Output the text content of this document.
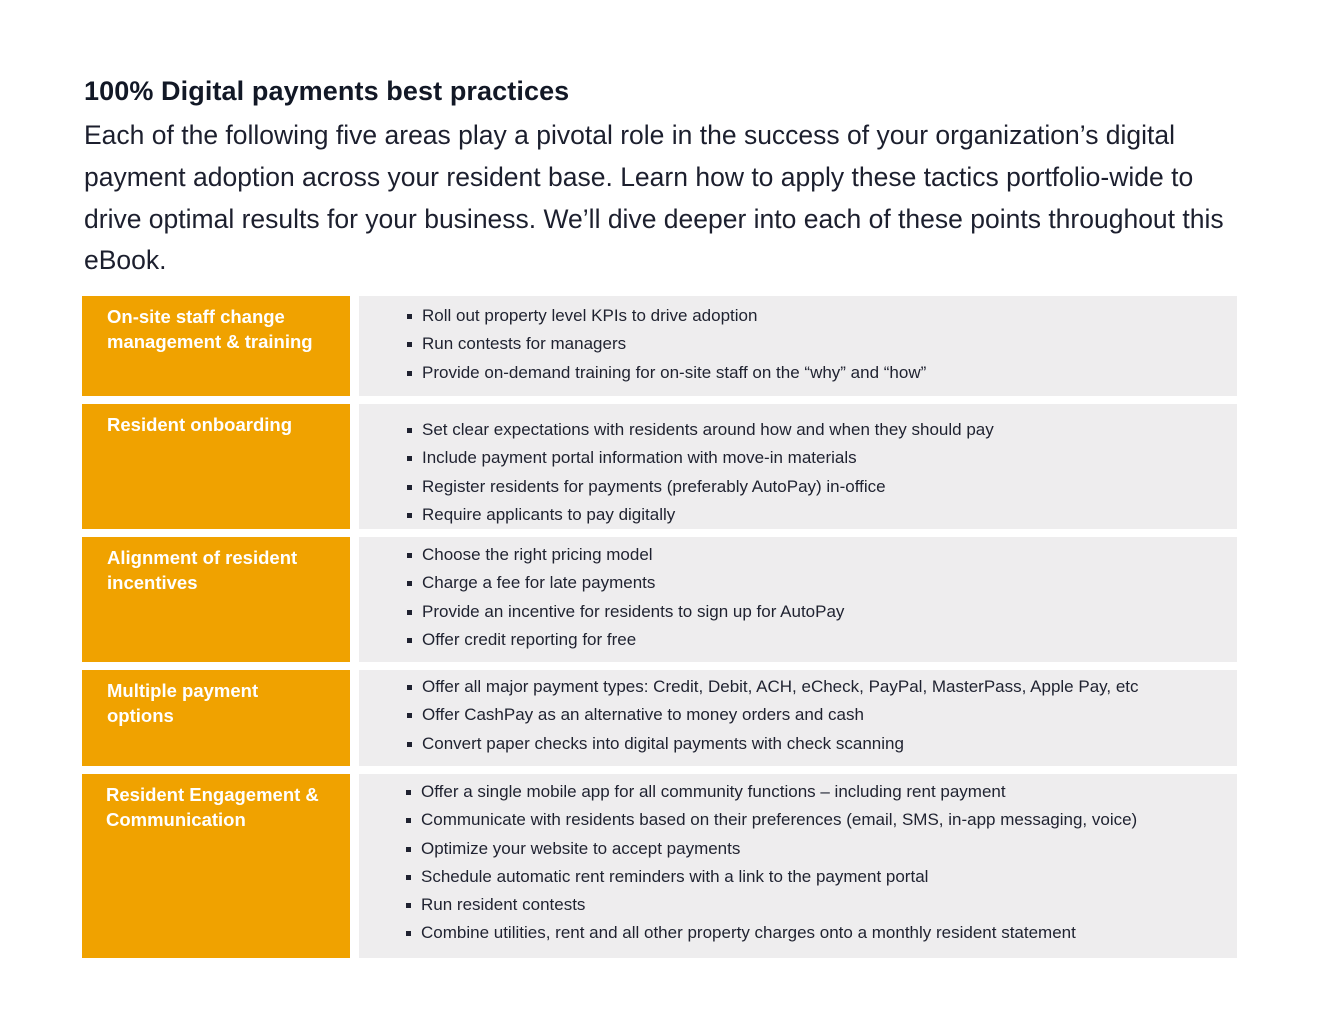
100% Digital payments best practices
Each of the following five areas play a pivotal role in the success of your organization’s digital payment adoption across your resident base. Learn how to apply these tactics portfolio-wide to drive optimal results for your business. We’ll dive deeper into each of these points throughout this eBook.
On-site staff change management & training
Roll out property level KPIs to drive adoption
Run contests for managers
Provide on-demand training for on-site staff on the “why” and “how”
Resident onboarding	Set clear expectations with residents around how and when they should pay
Include payment portal information with move-in materials
Register residents for payments (preferably AutoPay) in-office
Require applicants to pay digitally
Alignment of resident incentives
Choose the right pricing model
Charge a fee for late payments
Provide an incentive for residents to sign up for AutoPay
Offer credit reporting for free
Multiple payment options
Offer all major payment types: Credit, Debit, ACH, eCheck, PayPal, MasterPass, Apple Pay, etc
Offer CashPay as an alternative to money orders and cash
Convert paper checks into digital payments with check scanning
Resident Engagement & Communication
Offer a single mobile app for all community functions – including rent payment
Communicate with residents based on their preferences (email, SMS, in-app messaging, voice)
Optimize your website to accept payments
Schedule automatic rent reminders with a link to the payment portal
Run resident contests
Combine utilities, rent and all other property charges onto a monthly resident statement
